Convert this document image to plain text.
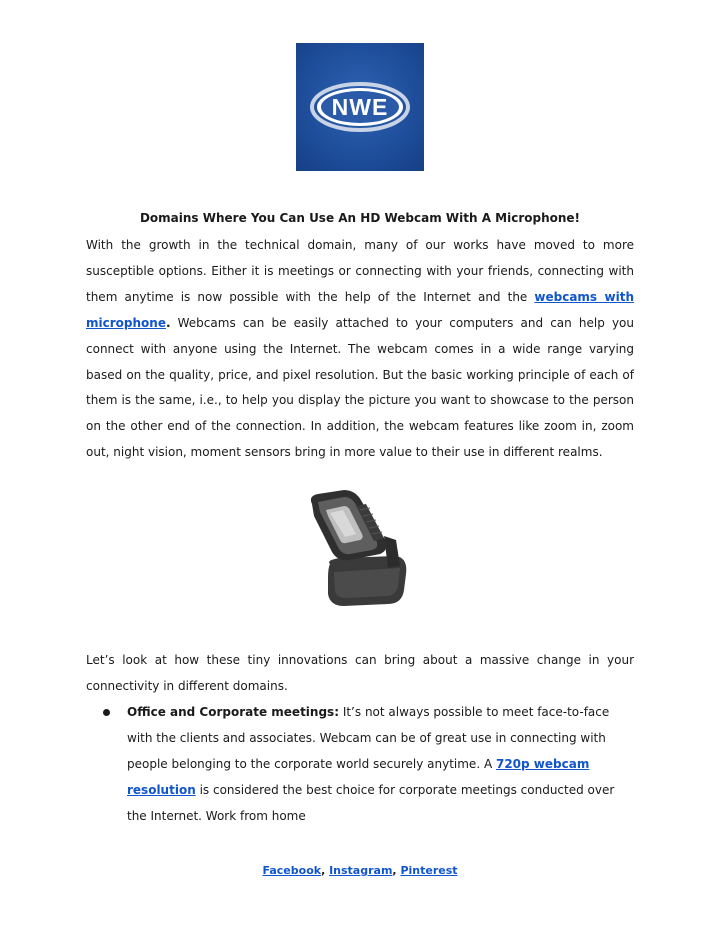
NWE
Domains Where You Can Use An HD Webcam With A Microphone!
With the growth in the technical domain, many of our works have moved to more susceptible options. Either it is meetings or connecting with your friends, connecting with them anytime is now possible with the help of the Internet and the webcams with microphone. Webcams can be easily attached to your computers and can help you connect with anyone using the Internet. The webcam comes in a wide range varying based on the quality, price, and pixel resolution. But the basic working principle of each of them is the same, i.e., to help you display the picture you want to showcase to the person on the other end of the connection. In addition, the webcam features like zoom in, zoom out, night vision, moment sensors bring in more value to their use in different realms.
Let’s look at how these tiny innovations can bring about a massive change in your connectivity in different domains.
Office and Corporate meetings: It’s not always possible to meet face-to-face with the clients and associates. Webcam can be of great use in connecting with people belonging to the corporate world securely anytime. A 720p webcam resolution is considered the best choice for corporate meetings conducted over the Internet. Work from home
Facebook, Instagram, Pinterest
